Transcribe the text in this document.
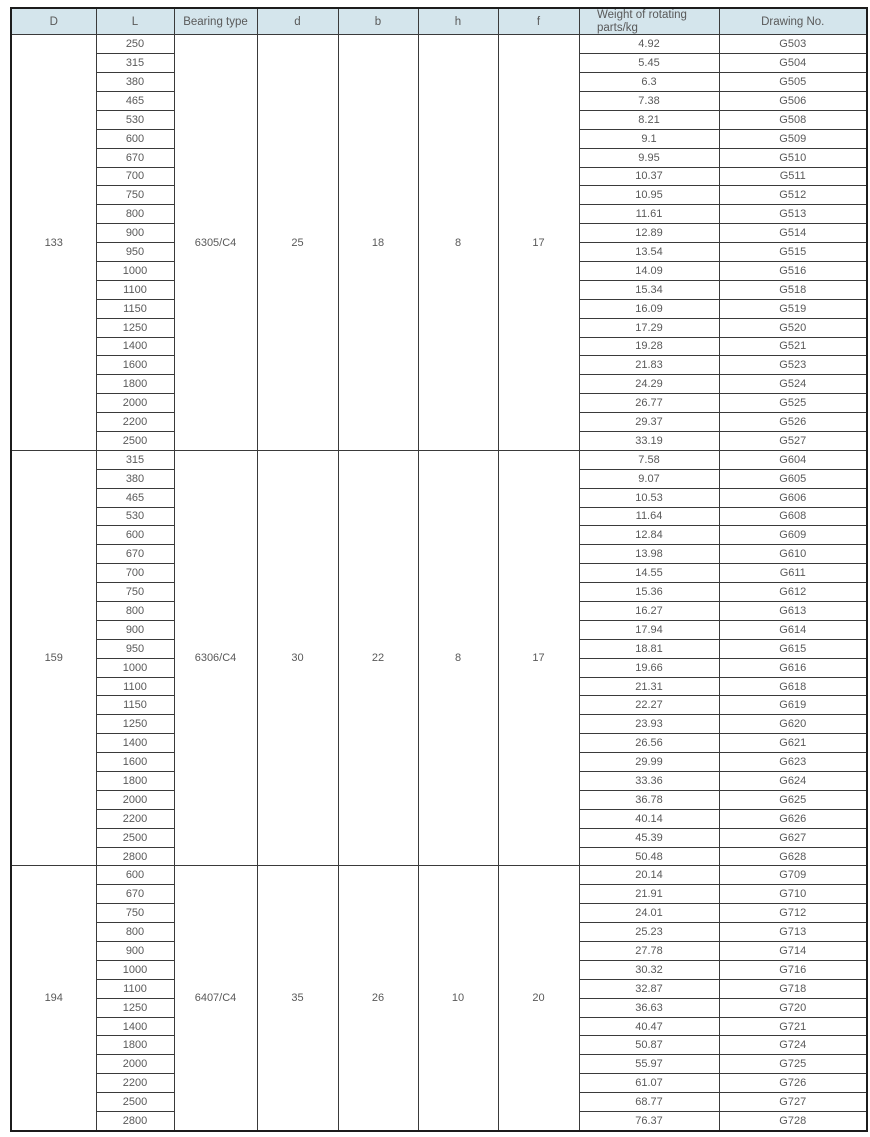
D	L	Bearing type	d	b	h	f	Weight of rotating parts/kg	Drawing No.
133	250	6305/C4	25	18	8	17	4.92	G503
	315						5.45	G504
	380						6.3	G505
	465						7.38	G506
	530						8.21	G508
	600						9.1	G509
	670						9.95	G510
	700						10.37	G511
	750						10.95	G512
	800						11.61	G513
	900						12.89	G514
	950						13.54	G515
	1000						14.09	G516
	1100						15.34	G518
	1150						16.09	G519
	1250						17.29	G520
	1400						19.28	G521
	1600						21.83	G523
	1800						24.29	G524
	2000						26.77	G525
	2200						29.37	G526
	2500						33.19	G527
159	315	6306/C4	30	22	8	17	7.58	G604
	380						9.07	G605
	465						10.53	G606
	530						11.64	G608
	600						12.84	G609
	670						13.98	G610
	700						14.55	G611
	750						15.36	G612
	800						16.27	G613
	900						17.94	G614
	950						18.81	G615
	1000						19.66	G616
	1100						21.31	G618
	1150						22.27	G619
	1250						23.93	G620
	1400						26.56	G621
	1600						29.99	G623
	1800						33.36	G624
	2000						36.78	G625
	2200						40.14	G626
	2500						45.39	G627
	2800						50.48	G628
194	600	6407/C4	35	26	10	20	20.14	G709
	670						21.91	G710
	750						24.01	G712
	800						25.23	G713
	900						27.78	G714
	1000						30.32	G716
	1100						32.87	G718
	1250						36.63	G720
	1400						40.47	G721
	1800						50.87	G724
	2000						55.97	G725
	2200						61.07	G726
	2500						68.77	G727
	2800						76.37	G728
